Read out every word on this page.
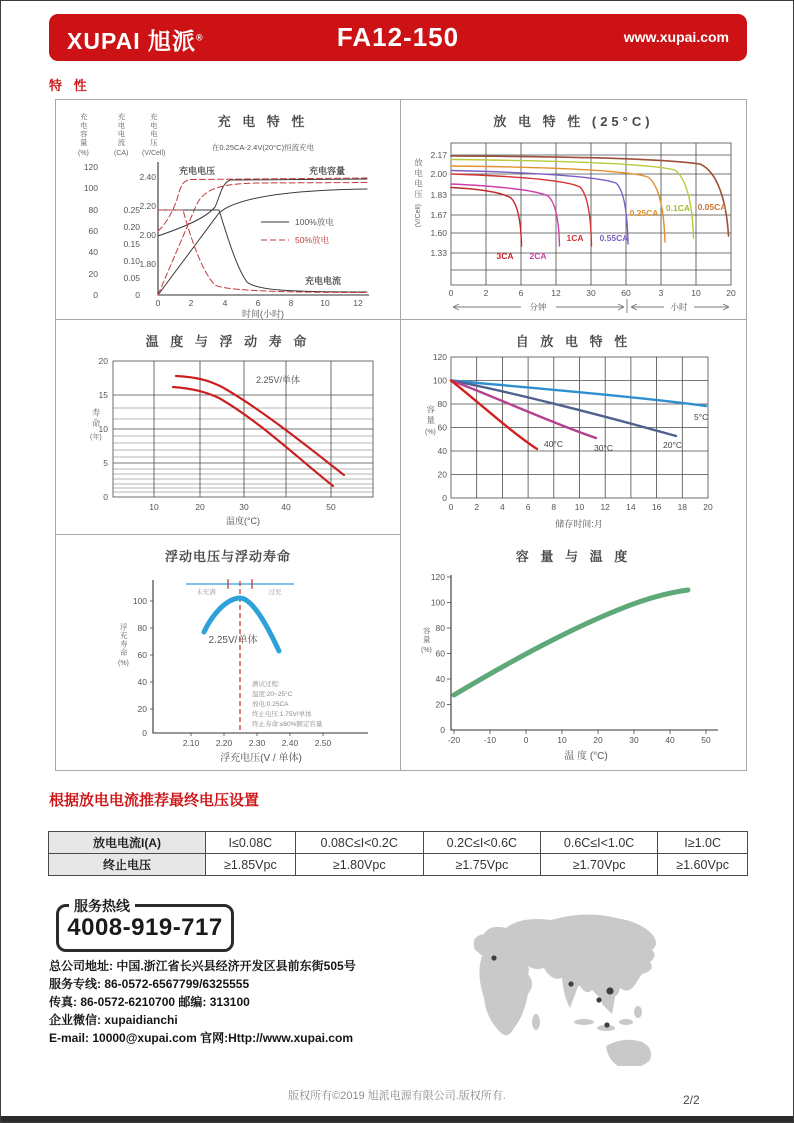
XUPAI 旭派®	FA12-150	www.xupai.com
特 性
充 电 特 性
在0.25CA-2.4V(20°C)恒流充电
充电容量
(%)
充电电流
(CA)
充电电压
(V/Cell)
120
100
80
60
40
20
0
0.25
0.20
0.15
0.10
0.05
0
2.40
2.20
2.00
1.80
0	2	4	6	8	10	12
充电电压	充电容量
充电电流
100%放电
50%放电
时间(小时)
放 电 特 性 (25°C)
放电电压
(V/Cell)
2.17
2.00
1.83
1.67
1.60
1.33
0	2	6	12	30	60	3	10	20
3CA 2CA
1CA 0.55CA
0.25CA 0.1CA 0.05CA
分钟	小时
温 度 与 浮 动 寿 命
寿命
(年)
20
15
10
5
0
10	20	30	40	50
2.25V/单体
温度(°C)
自 放 电 特 性
容量
(%)
120
100
80
60
40
20
0
0 2 4 6 8 10 12 14 16 18 20
40°C	30°C	20°C
5°C
储存时间:月
浮动电压与浮动寿命
浮充寿命
(%)
100
80
60
40
20
0
2.10 2.20 2.30 2.40 2.50
未充满	过充
2.25V/单体
测试过程:
温度:20~25°C
放电:0.25CA
终止电压:1.75V/单体
终止寿命:≤60%额定容量
浮充电压(V / 单体)
容 量 与 温 度
容量
(%)
120
100
80
60
40
20
0
-20	-10	0	10	20	30	40	50
温 度 (°C)
根据放电电流推荐最终电压设置
放电电流I(A)	I≤0.08C	0.08C≤I<0.2C	0.2C≤I<0.6C	0.6C≤I<1.0C	I≥1.0C
终止电压	≥1.85Vpc	≥1.80Vpc	≥1.75Vpc	≥1.70Vpc	≥1.60Vpc
服务热线
4008-919-717
总公司地址: 中国.浙江省长兴县经济开发区县前东街505号
服务专线: 86-0572-6567799/6325555
传真: 86-0572-6210700 邮编: 313100
企业微信: xupaidianchi
E-mail: 10000@xupai.com 官网:Http://www.xupai.com
版权所有©2019 旭派电源有限公司.版权所有.	2/2
